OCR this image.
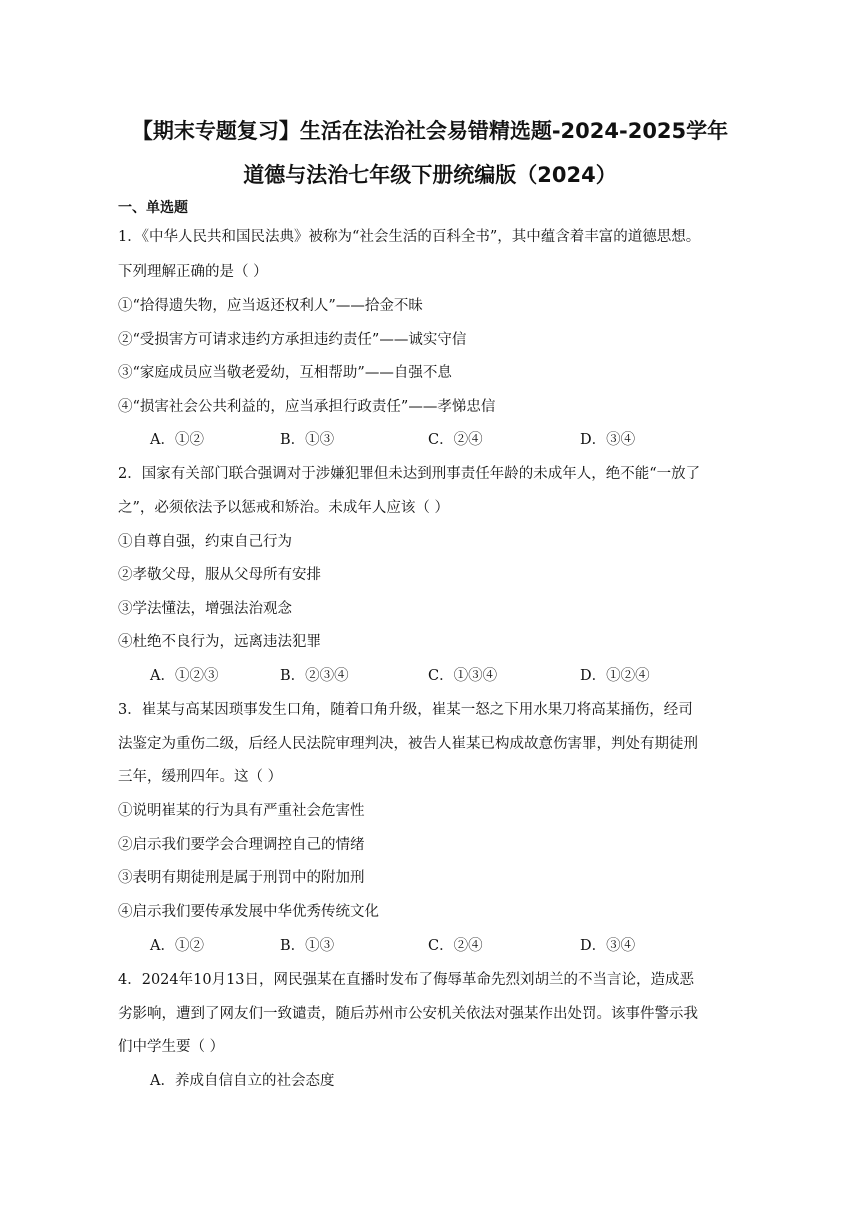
【期末专题复习】生活在法治社会易错精选题-2024-2025学年
道德与法治七年级下册统编版（2024）
一、单选题
1．《中华人民共和国民法典》被称为“社会生活的百科全书”，其中蕴含着丰富的道德思想。
下列理解正确的是（ ）
①“拾得遗失物，应当返还权利人”——拾金不昧
②“受损害方可请求违约方承担违约责任”——诚实守信
③“家庭成员应当敬老爱幼，互相帮助”——自强不息
④“损害社会公共利益的，应当承担行政责任”——孝悌忠信
A．①②	B．①③	C．②④	D．③④
2．国家有关部门联合强调对于涉嫌犯罪但未达到刑事责任年龄的未成年人，绝不能“一放了
之”，必须依法予以惩戒和矫治。未成年人应该（ ）
①自尊自强，约束自己行为
②孝敬父母，服从父母所有安排
③学法懂法，增强法治观念
④杜绝不良行为，远离违法犯罪
A．①②③	B．②③④	C．①③④	D．①②④
3．崔某与高某因琐事发生口角，随着口角升级，崔某一怒之下用水果刀将高某捅伤，经司
法鉴定为重伤二级，后经人民法院审理判决，被告人崔某已构成故意伤害罪，判处有期徒刑
三年，缓刑四年。这（ ）
①说明崔某的行为具有严重社会危害性
②启示我们要学会合理调控自己的情绪
③表明有期徒刑是属于刑罚中的附加刑
④启示我们要传承发展中华优秀传统文化
A．①②	B．①③	C．②④	D．③④
4．2024年10月13日，网民强某在直播时发布了侮辱革命先烈刘胡兰的不当言论，造成恶
劣影响，遭到了网友们一致谴责，随后苏州市公安机关依法对强某作出处罚。该事件警示我
们中学生要（ ）
A．养成自信自立的社会态度
